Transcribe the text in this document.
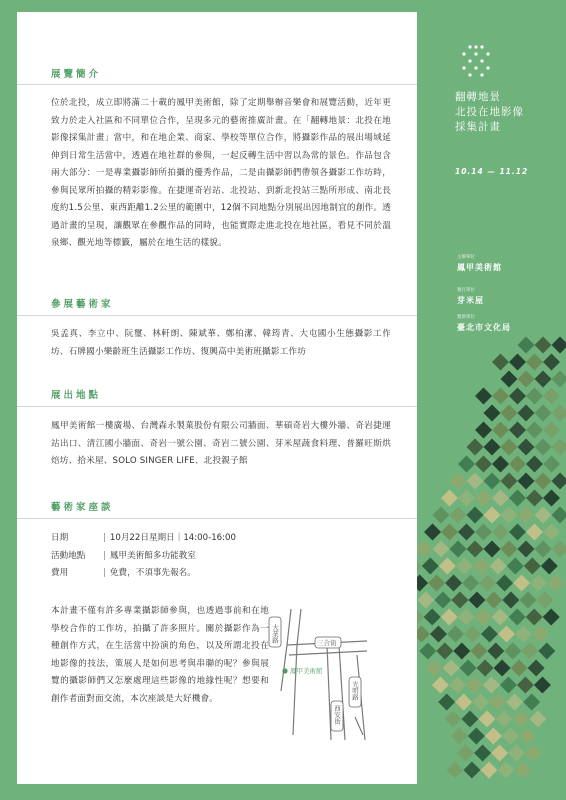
展覽簡介
位於北投，成立即將滿二十載的鳳甲美術館，除了定期舉辦音樂會和展覽活動，近年更致力於走入社區和不同單位合作，呈現多元的藝術推廣計畫。在「翻轉地景：北投在地影像採集計畫」當中，和在地企業、商家、學校等單位合作，將攝影作品的展出場域延伸到日常生活當中，透過在地社群的參與，一起反轉生活中習以為常的景色。作品包含兩大部分：一是專業攝影師所拍攝的優秀作品，二是由攝影師們帶領各攝影工作坊時，參與民眾所拍攝的精彩影像。在捷運奇岩站、北投站、到新北投站三點所形成、南北長度約1.5公里、東西距離1.2公里的範圍中，12個不同地點分別展出因地制宜的創作。透過計畫的呈現，讓觀眾在參觀作品的同時，也能實際走進北投在地社區，看見不同於溫泉鄉、觀光地等標籤，屬於在地生活的樣貌。
參展藝術家
吳孟真、李立中、阮璽、林軒朗、陳斌華、鄭柏潔、韓筠青、大屯國小生態攝影工作坊、石牌國小樂齡班生活攝影工作坊、復興高中美術班攝影工作坊
展出地點
鳳甲美術館一樓廣場、台灣森永製菓股份有限公司牆面、華碩奇岩大樓外牆、奇岩捷運站出口、清江國小牆面、奇岩一號公園、奇岩二號公園、芽米屋蔬食料理、普羅旺斯烘焙坊、拾米屋、SOLO SINGER LIFE、北投親子館
藝術家座談
日期	| 10月22日星期日｜14:00-16:00
活動地點	| 鳳甲美術館多功能教室
費用	| 免費，不須事先報名。
本計畫不僅有許多專業攝影師參與，也透過事前和在地學校合作的工作坊，拍攝了許多照片。關於攝影作為一種創作方式，在生活當中扮演的角色，以及所謂北投在地影像的技法，策展人是如何思考與串聯的呢？參與展覽的攝影師們又怎麼處理這些影像的地緣性呢？想要和創作者面對面交流，本次座談是大好機會。
大業路	三合街
西安街
光明路
鳳甲美術館
翻轉地景
北投在地影像
採集計畫
10.14 — 11.12
主辦單位
鳳甲美術館
執行單位
芽米屋
贊助單位
臺北市文化局
